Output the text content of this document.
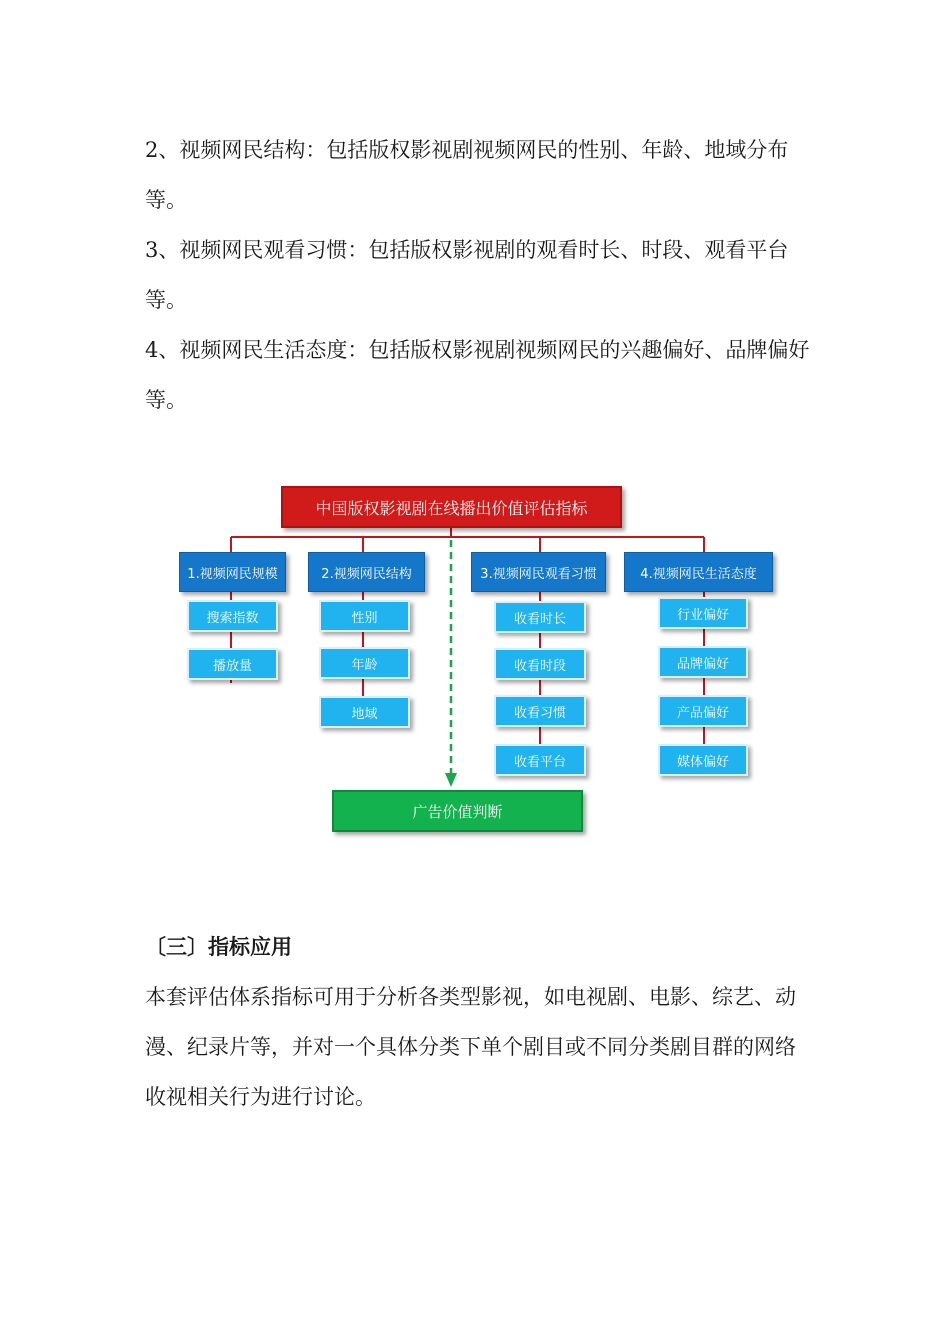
2、视频网民结构：包括版权影视剧视频网民的性别、年龄、地域分布等。

3、视频网民观看习惯：包括版权影视剧的观看时长、时段、观看平台等。

4、视频网民生活态度：包括版权影视剧视频网民的兴趣偏好、品牌偏好等。

中国版权影视剧在线播出价值评估指标
1.视频网民规模	2.视频网民结构	3.视频网民观看习惯	4.视频网民生活态度
搜索指数
播放量
性别
年龄
地域
收看时长
收看时段
收看习惯
收看平台
行业偏好
品牌偏好
产品偏好
媒体偏好
广告价值判断
〔三〕指标应用

本套评估体系指标可用于分析各类型影视，如电视剧、电影、综艺、动漫、纪录片等，并对一个具体分类下单个剧目或不同分类剧目群的网络收视相关行为进行讨论。
